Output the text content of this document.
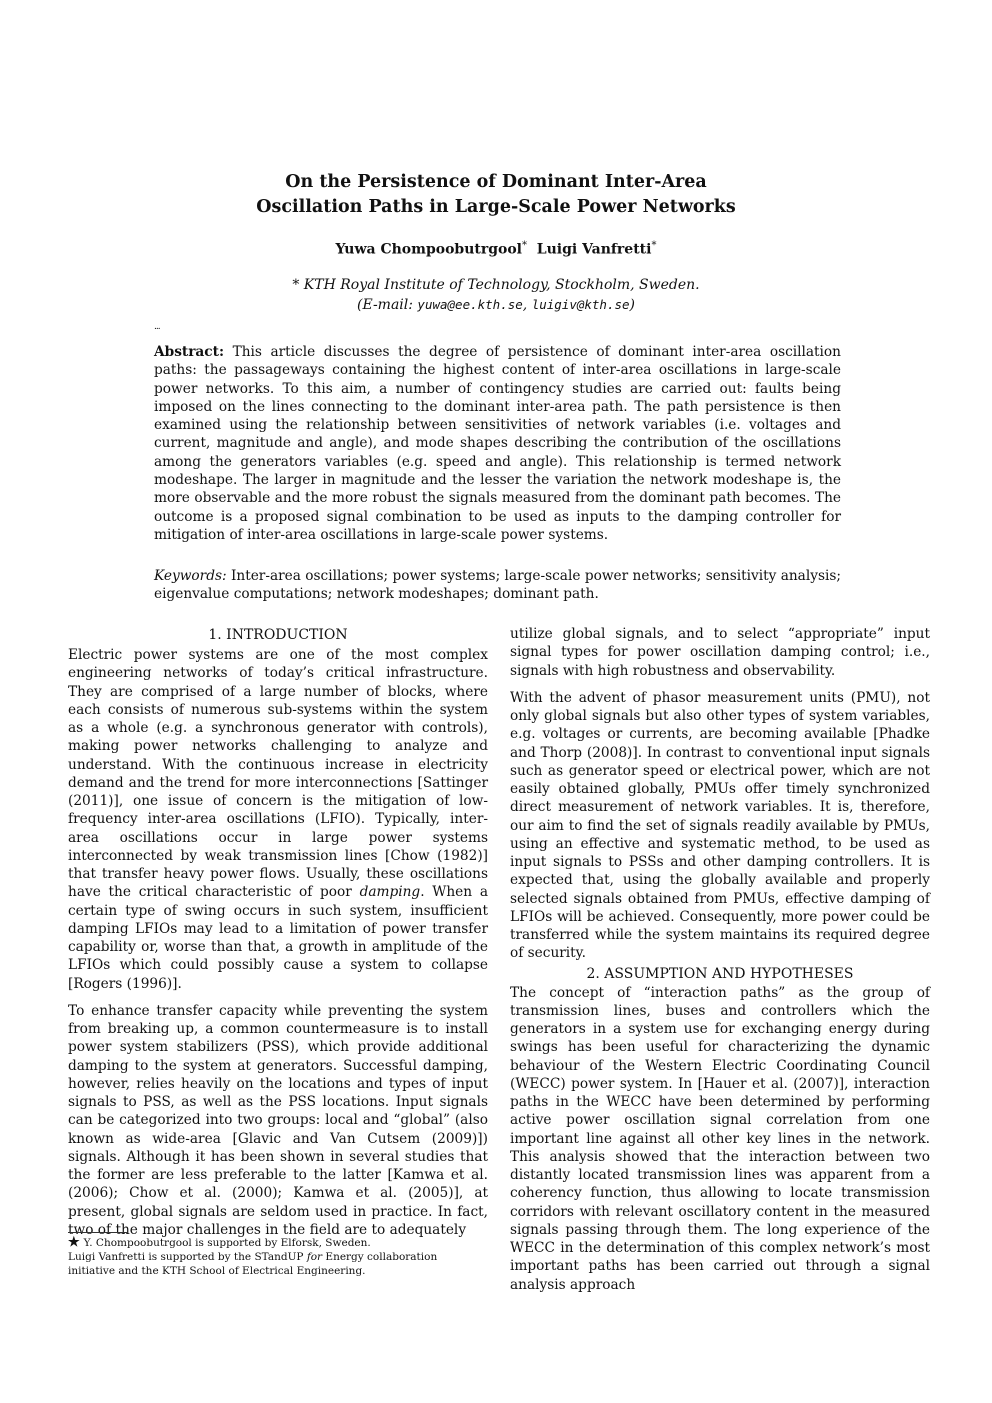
On the Persistence of Dominant Inter-Area
Oscillation Paths in Large-Scale Power Networks
Yuwa Chompoobutrgool* Luigi Vanfretti*
* KTH Royal Institute of Technology, Stockholm, Sweden.
(E-mail: yuwa@ee.kth.se, luigiv@kth.se)
...
Abstract: This article discusses the degree of persistence of dominant inter-area oscillation paths: the passageways containing the highest content of inter-area oscillations in large-scale power networks. To this aim, a number of contingency studies are carried out: faults being imposed on the lines connecting to the dominant inter-area path. The path persistence is then examined using the relationship between sensitivities of network variables (i.e. voltages and current, magnitude and angle), and mode shapes describing the contribution of the oscillations among the generators variables (e.g. speed and angle). This relationship is termed network modeshape. The larger in magnitude and the lesser the variation the network modeshape is, the more observable and the more robust the signals measured from the dominant path becomes. The outcome is a proposed signal combination to be used as inputs to the damping controller for mitigation of inter-area oscillations in large-scale power systems.
Keywords: Inter-area oscillations; power systems; large-scale power networks; sensitivity analysis; eigenvalue computations; network modeshapes; dominant path.
1. INTRODUCTION

Electric power systems are one of the most complex engineering networks of today’s critical infrastructure. They are comprised of a large number of blocks, where each consists of numerous sub-systems within the system as a whole (e.g. a synchronous generator with controls), making power networks challenging to analyze and understand. With the continuous increase in electricity demand and the trend for more interconnections [Sattinger (2011)], one issue of concern is the mitigation of low-frequency inter-area oscillations (LFIO). Typically, inter-area oscillations occur in large power systems interconnected by weak transmission lines [Chow (1982)] that transfer heavy power flows. Usually, these oscillations have the critical characteristic of poor damping. When a certain type of swing occurs in such system, insufficient damping LFIOs may lead to a limitation of power transfer capability or, worse than that, a growth in amplitude of the LFIOs which could possibly cause a system to collapse [Rogers (1996)].

To enhance transfer capacity while preventing the system from breaking up, a common countermeasure is to install power system stabilizers (PSS), which provide additional damping to the system at generators. Successful damping, however, relies heavily on the locations and types of input signals to PSS, as well as the PSS locations. Input signals can be categorized into two groups: local and “global” (also known as wide-area [Glavic and Van Cutsem (2009)]) signals. Although it has been shown in several studies that the former are less preferable to the latter [Kamwa et al. (2006); Chow et al. (2000); Kamwa et al. (2005)], at present, global signals are seldom used in practice. In fact, two of the major challenges in the field are to adequately

utilize global signals, and to select “appropriate” input signal types for power oscillation damping control; i.e., signals with high robustness and observability.

With the advent of phasor measurement units (PMU), not only global signals but also other types of system variables, e.g. voltages or currents, are becoming available [Phadke and Thorp (2008)]. In contrast to conventional input signals such as generator speed or electrical power, which are not easily obtained globally, PMUs offer timely synchronized direct measurement of network variables. It is, therefore, our aim to find the set of signals readily available by PMUs, using an effective and systematic method, to be used as input signals to PSSs and other damping controllers. It is expected that, using the globally available and properly selected signals obtained from PMUs, effective damping of LFIOs will be achieved. Consequently, more power could be transferred while the system maintains its required degree of security.

2. ASSUMPTION AND HYPOTHESES

The concept of “interaction paths” as the group of transmission lines, buses and controllers which the generators in a system use for exchanging energy during swings has been useful for characterizing the dynamic behaviour of the Western Electric Coordinating Council (WECC) power system. In [Hauer et al. (2007)], interaction paths in the WECC have been determined by performing active power oscillation signal correlation from one important line against all other key lines in the network. This analysis showed that the interaction between two distantly located transmission lines was apparent from a coherency function, thus allowing to locate transmission corridors with relevant oscillatory content in the measured signals passing through them. The long experience of the WECC in the determination of this complex network’s most important paths has been carried out through a signal analysis approach

★ Y. Chompoobutrgool is supported by Elforsk, Sweden.
Luigi Vanfretti is supported by the STandUP for Energy collaboration
initiative and the KTH School of Electrical Engineering.
